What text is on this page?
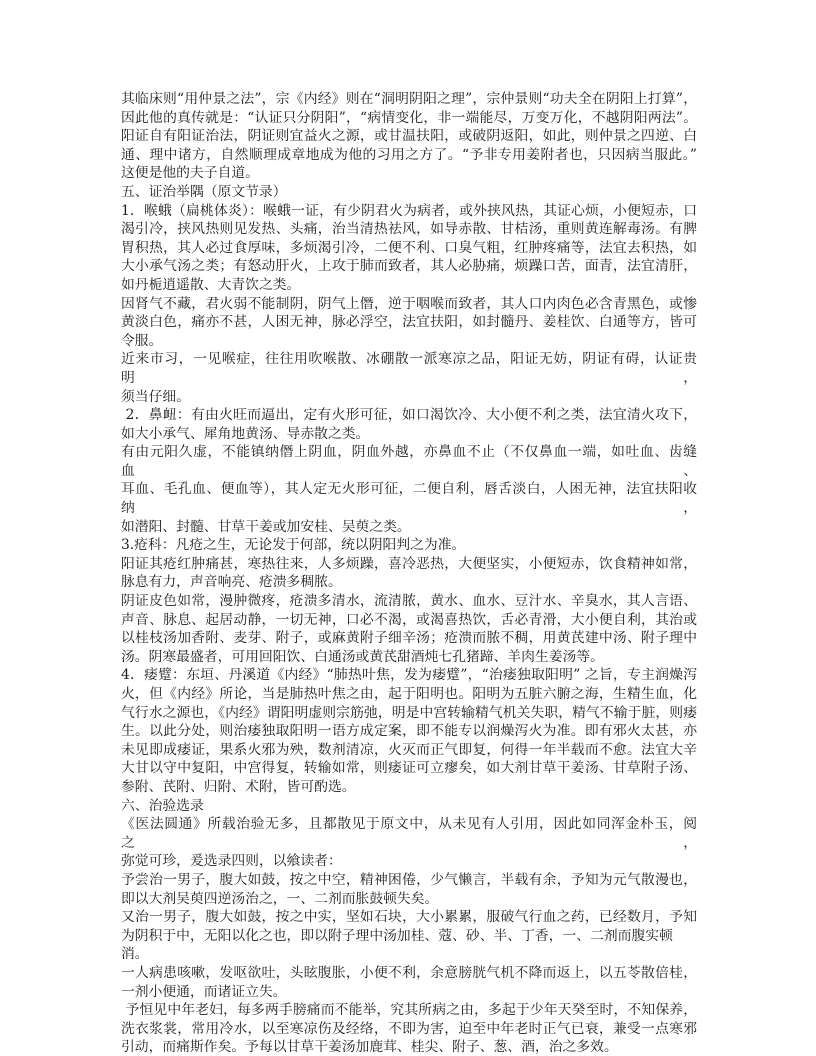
其临床则“用仲景之法”，宗《内经》则在“洞明阴阳之理”，宗仲景则“功夫全在阴阳上打算”，
因此他的真传就是：“认证只分阴阳”，“病情变化，非一端能尽，万变万化，不越阴阳两法”。
阳证自有阳证治法，阴证则宜益火之源，或甘温扶阳，或破阴返阳，如此，则仲景之四逆、白
通、理中诸方，自然顺理成章地成为他的习用之方了。“予非专用姜附者也，只因病当服此。”
这便是他的夫子自道。
五、证治举隅（原文节录）
1．喉蛾（扁桃体炎）：喉蛾一证，有少阴君火为病者，或外挟风热，其证心烦，小便短赤，口
渴引冷，挟风热则见发热、头痛，治当清热祛风，如导赤散、甘桔汤，重则黄连解毒汤。有脾
胃积热，其人必过食厚味，多烦渴引冷，二便不利、口臭气粗，红肿疼痛等，法宜去积热，如
大小承气汤之类；有怒动肝火，上攻于肺而致者，其人必胁痛，烦躁口苦，面青，法宜清肝，
如丹栀逍遥散、大青饮之类。
因肾气不藏，君火弱不能制阴，阴气上僭，逆于咽喉而致者，其人口内肉色必含青黑色，或惨
黄淡白色，痛亦不甚，人困无神，脉必浮空，法宜扶阳，如封髓丹、姜桂饮、白通等方，皆可
令服。
近来市习，一见喉症，往往用吹喉散、冰硼散一派寒凉之品，阳证无妨，阴证有碍，认证贵明，
须当仔细。
2．鼻衄：有由火旺而逼出，定有火形可征，如口渴饮冷、大小便不利之类，法宜清火攻下，
如大小承气、犀角地黄汤、导赤散之类。
有由元阳久虚，不能镇纳僭上阴血，阴血外越，亦鼻血不止（不仅鼻血一端，如吐血、齿缝血、
耳血、毛孔血、便血等），其人定无火形可征，二便自利，唇舌淡白，人困无神，法宜扶阳收纳，
如潜阳、封髓、甘草干姜或加安桂、吴萸之类。
3.疮科：凡疮之生，无论发于何部，统以阴阳判之为准。
阳证其疮红肿痛甚，寒热往来，人多烦躁，喜冷恶热，大便坚实，小便短赤，饮食精神如常，
脉息有力，声音响亮、疮溃多稠脓。
阴证皮色如常，漫肿微疼，疮溃多清水，流清脓，黄水、血水、豆汁水、辛臭水，其人言语、
声音、脉息、起居动静，一切无神，口必不渴，或渴喜热饮，舌必青滑，大小便自利，其治或
以桂枝汤加香附、麦芽、附子，或麻黄附子细辛汤；疮溃而脓不稠，用黄芪建中汤、附子理中
汤。阴寒最盛者，可用回阳饮、白通汤或黄芪甜酒炖七孔猪蹄、羊肉生姜汤等。
4．痿躄：东垣、丹溪道《内经》“肺热叶焦，发为痿躄”，“治痿独取阳明” 之旨，专主润燥泻
火，但《内经》所论，当是肺热叶焦之由，起于阳明也。阳明为五脏六腑之海，生精生血，化
气行水之源也，《内经》谓阳明虚则宗筋弛，明是中宫转输精气机关失职，精气不输于脏，则痿
生。以此分处，则治痿独取阳明一语方成定案，即不能专以润燥泻火为准。即有邪火太甚，亦
未见即成痿证，果系火邪为殃，数剂清凉，火灭而正气即复，何得一年半载而不愈。法宜大辛
大甘以守中复阳，中宫得复，转输如常，则痿证可立瘳矣，如大剂甘草干姜汤、甘草附子汤、
参附、芪附、归附、术附，皆可酌选。
六、治验选录
《医法圆通》所载治验无多，且都散见于原文中，从未见有人引用，因此如同浑金朴玉，阅之，
弥觉可珍，爰选录四则，以飨读者：
予尝治一男子，腹大如鼓，按之中空，精神困倦，少气懒言，半载有余，予知为元气散漫也，
即以大剂吴萸四逆汤治之，一、二剂而胀鼓顿失矣。
又治一男子，腹大如鼓，按之中实，坚如石块，大小累累，服破气行血之药，已经数月，予知
为阴积于中，无阳以化之也，即以附子理中汤加桂、蔻、砂、半、丁香，一、二剂而腹实顿消。
一人病患咳嗽，发呕欲吐，头眩腹胀，小便不利，余意膀胱气机不降而返上，以五苓散倍桂，
一剂小便通，而诸证立失。
予恒见中年老妇，每多两手膀痛而不能举，究其所病之由，多起于少年天癸至时，不知保养，
洗衣浆裳，常用冷水，以至寒凉伤及经络，不即为害，迫至中年老时正气已衰，兼受一点寒邪
引动，而痛斯作矣。予每以甘草干姜汤加鹿茸、桂尖、附子、葱、酒，治之多效。
